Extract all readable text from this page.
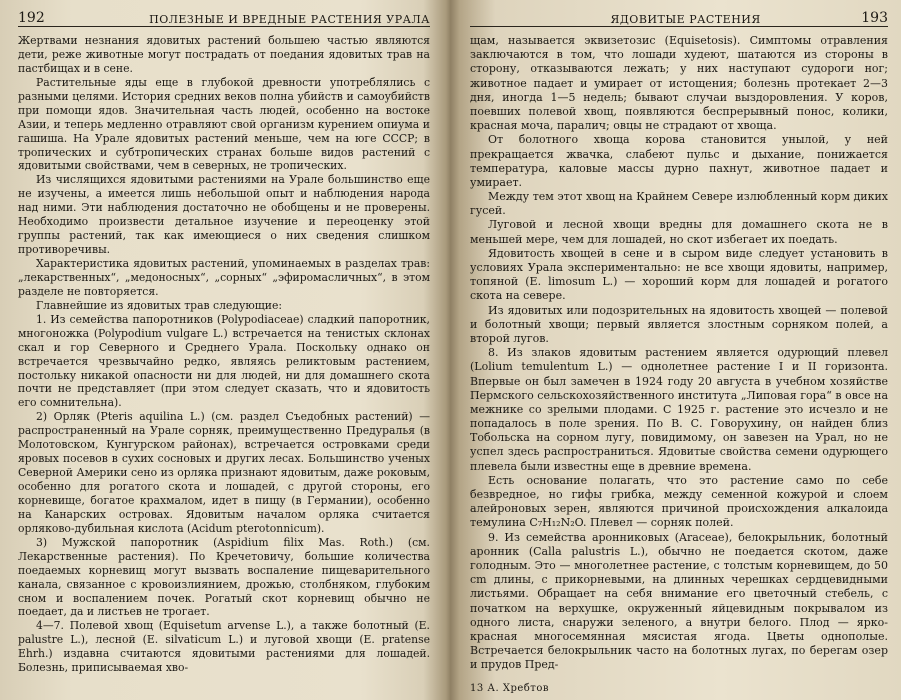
192	ПОЛЕЗНЫЕ И ВРЕДНЫЕ РАСТЕНИЯ УРАЛА

Жертвами незнания ядовитых растений большею частью являются дети, реже животные могут пострадать от поедания ядовитых трав на пастбищах и в сене.

Растительные яды еще в глубокой древности употреблялись с разными целями. История средних веков полна убийств и самоубийств при помощи ядов. Значительная часть людей, особенно на востоке Азии, и теперь медленно отравляют свой организм курением опиума и гашиша. На Урале ядовитых растений меньше, чем на юге СССР; в тропических и субтропических странах больше видов растений с ядовитыми свойствами, чем в северных, не тропических.

Из числящихся ядовитыми растениями на Урале большинство еще не изучены, а имеется лишь небольшой опыт и наблюдения народа над ними. Эти наблюдения достаточно не обобщены и не проверены. Необходимо произвести детальное изучение и переоценку этой группы растений, так как имеющиеся о них сведения слишком противоречивы.

Характеристика ядовитых растений, упоминаемых в разделах трав: „лекарственных“, „медоносных“, „сорных“ „эфиромасличных“, в этом разделе не повторяется.

Главнейшие из ядовитых трав следующие:

1. Из семейства папоротников (Polypodiaceae) сладкий папоротник, многоножка (Polypodium vulgare L.) встречается на тенистых склонах скал и гор Северного и Среднего Урала. Поскольку однако он встречается чрезвычайно редко, являясь реликтовым растением, постольку никакой опасности ни для людей, ни для домашнего скота почти не представляет (при этом следует сказать, что и ядовитость его сомнительна).

2) Орляк (Pteris aquilina L.) (см. раздел Съедобных растений) — распространенный на Урале сорняк, преимущественно Предуралья (в Молотовском, Кунгурском районах), встречается островками среди яровых посевов в сухих сосновых и других лесах. Большинство ученых Северной Америки сено из орляка признают ядовитым, даже роковым, особенно для рогатого скота и лошадей, с другой стороны, его корневище, богатое крахмалом, идет в пищу (в Германии), особенно на Канарских островах. Ядовитым началом орляка считается орляково-дубильная кислота (Acidum pterotonnicum).

3) Мужской папоротник (Aspidium filix Mas. Roth.) (см. Лекарственные растения). По Кречетовичу, большие количества поедаемых корневищ могут вызвать воспаление пищеварительного канала, связанное с кровоизлиянием, дрожью, столбняком, глубоким сном и воспалением почек. Рогатый скот корневищ обычно не поедает, да и листьев не трогает.

4—7. Полевой хвощ (Equisetum arvense L.), а также болотный (E. palustre L.), лесной (E. silvaticum L.) и луговой хвощи (E. pratense Ehrh.) издавна считаются ядовитыми растениями для лошадей. Болезнь, приписываемая хво-

ЯДОВИТЫЕ РАСТЕНИЯ	193

щам, называется эквизетозис (Equisetosis). Симптомы отравления заключаются в том, что лошади худеют, шатаются из стороны в сторону, отказываются лежать; у них наступают судороги ног; животное падает и умирает от истощения; болезнь протекает 2—3 дня, иногда 1—5 недель; бывают случаи выздоровления. У коров, поевших полевой хвощ, появляются беспрерывный понос, колики, красная моча, паралич; овцы не страдают от хвоща.

От болотного хвоща корова становится унылой, у ней прекращается жвачка, слабеют пульс и дыхание, понижается температура, каловые массы дурно пахнут, животное падает и умирает.

Между тем этот хвощ на Крайнем Севере излюбленный корм диких гусей.

Луговой и лесной хвощи вредны для домашнего скота не в меньшей мере, чем для лошадей, но скот избегает их поедать.

Ядовитость хвощей в сене и в сыром виде следует установить в условиях Урала экспериментально: не все хвощи ядовиты, например, топяной (E. limosum L.) — хороший корм для лошадей и рогатого скота на севере.

Из ядовитых или подозрительных на ядовитость хвощей — полевой и болотный хвощи; первый является злостным сорняком полей, а второй лугов.

8. Из злаков ядовитым растением является одурющий плевел (Lolium temulentum L.) — однолетнее растение I и II горизонта. Впервые он был замечен в 1924 году 20 августа в учебном хозяйстве Пермского сельскохозяйственного института „Липовая гора“ в овсе на межнике со зрелыми плодами. С 1925 г. растение это исчезло и не попадалось в поле зрения. По В. С. Говорухину, он найден близ Тобольска на сорном лугу, повидимому, он завезен на Урал, но не успел здесь распространиться. Ядовитые свойства семени одурющего плевела были известны еще в древние времена.

Есть основание полагать, что это растение само по себе безвредное, но гифы грибка, между семенной кожурой и слоем алейроновых зерен, являются причиной происхождения алкалоида темулина C₇H₁₂N₂O. Плевел — сорняк полей.

9. Из семейства аронниковых (Araceae), белокрыльник, болотный аронник (Calla palustris L.), обычно не поедается скотом, даже голодным. Это — многолетнее растение, с толстым корневищем, до 50 cm длины, с прикорневыми, на длинных черешках сердцевидными листьями. Обращает на себя внимание его цветочный стебель, с початком на верхушке, окруженный яйцевидным покрывалом из одного листа, снаружи зеленого, а внутри белого. Плод — ярко-красная многосемянная мясистая ягода. Цветы однополые. Встречается белокрыльник часто на болотных лугах, по берегам озер и прудов Пред-

13 А. Хребтов
